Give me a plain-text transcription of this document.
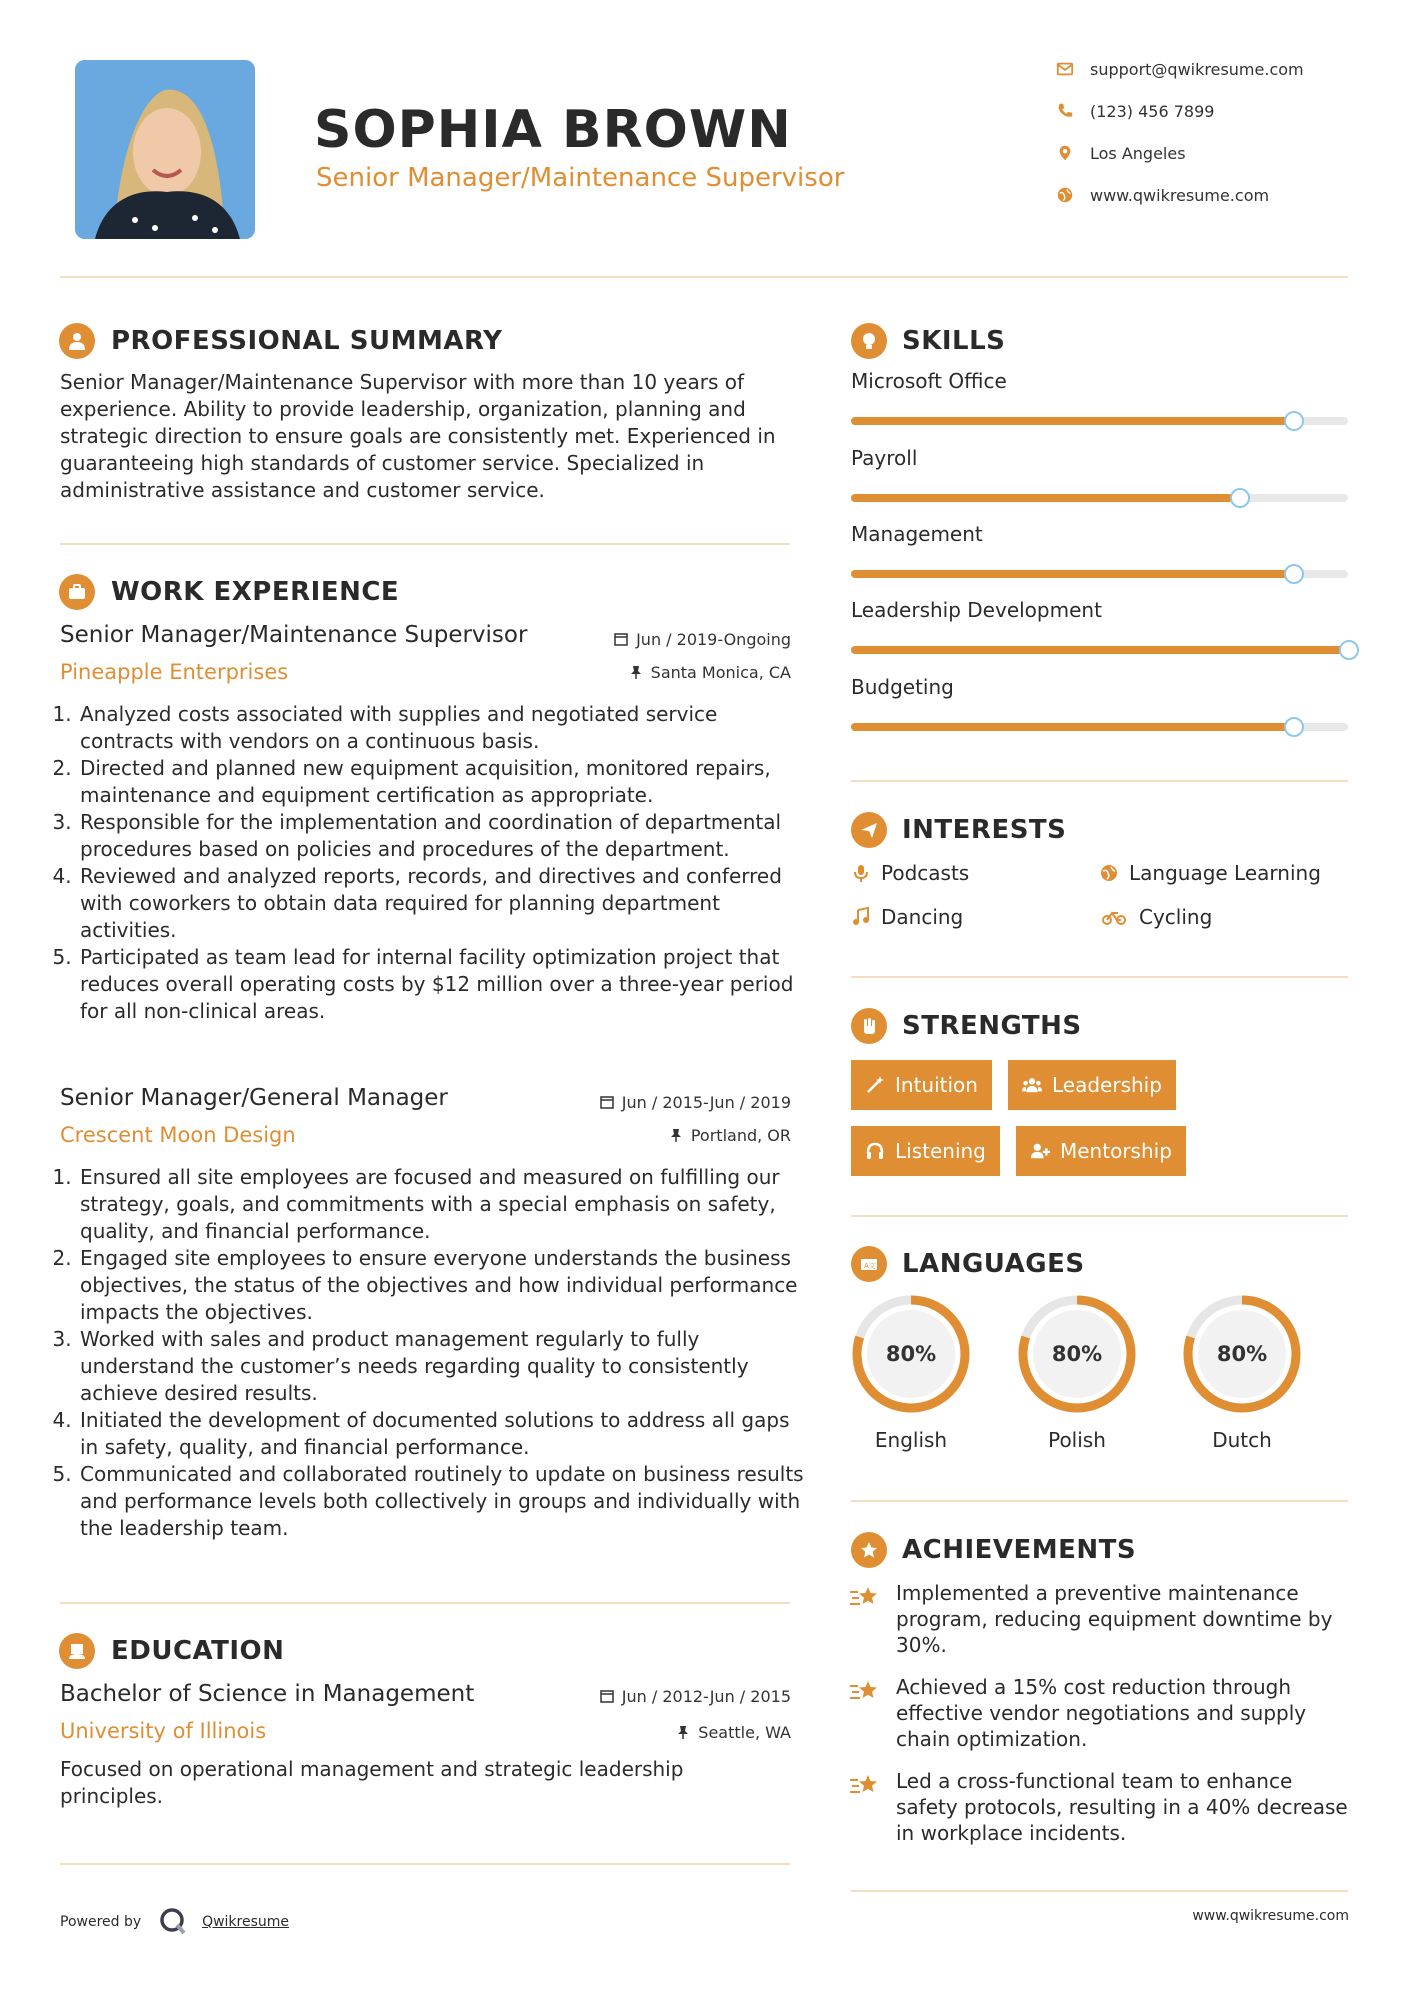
SOPHIA BROWN
Senior Manager/Maintenance Supervisor
support@qwikresume.com
(123) 456 7899
Los Angeles
www.qwikresume.com
PROFESSIONAL SUMMARY
Senior Manager/Maintenance Supervisor with more than 10 years of experience. Ability to provide leadership, organization, planning and strategic direction to ensure goals are consistently met. Experienced in guaranteeing high standards of customer service. Specialized in administrative assistance and customer service.
WORK EXPERIENCE
Senior Manager/Maintenance Supervisor	Jun / 2019-Ongoing
Pineapple Enterprises	Santa Monica, CA
1. Analyzed costs associated with supplies and negotiated service contracts with vendors on a continuous basis.
2. Directed and planned new equipment acquisition, monitored repairs, maintenance and equipment certification as appropriate.
3. Responsible for the implementation and coordination of departmental procedures based on policies and procedures of the department.
4. Reviewed and analyzed reports, records, and directives and conferred with coworkers to obtain data required for planning department activities.
5. Participated as team lead for internal facility optimization project that reduces overall operating costs by $12 million over a three-year period for all non-clinical areas.
Senior Manager/General Manager	Jun / 2015-Jun / 2019
Crescent Moon Design	Portland, OR
1. Ensured all site employees are focused and measured on fulfilling our strategy, goals, and commitments with a special emphasis on safety, quality, and financial performance.
2. Engaged site employees to ensure everyone understands the business objectives, the status of the objectives and how individual performance impacts the objectives.
3. Worked with sales and product management regularly to fully understand the customer’s needs regarding quality to consistently achieve desired results.
4. Initiated the development of documented solutions to address all gaps in safety, quality, and financial performance.
5. Communicated and collaborated routinely to update on business results and performance levels both collectively in groups and individually with the leadership team.
EDUCATION
Bachelor of Science in Management	Jun / 2012-Jun / 2015
University of Illinois	Seattle, WA
Focused on operational management and strategic leadership principles.
SKILLS
Microsoft Office
Payroll
Management
Leadership Development
Budgeting
INTERESTS
Podcasts	Language Learning
Dancing	Cycling
STRENGTHS
Intuition	Leadership
Listening	Mentorship
A文 LANGUAGES
80%
English
80%
Polish
80%
Dutch
ACHIEVEMENTS
Implemented a preventive maintenance program, reducing equipment downtime by 30%.
Achieved a 15% cost reduction through effective vendor negotiations and supply chain optimization.
Led a cross-functional team to enhance safety protocols, resulting in a 40% decrease in workplace incidents.
Powered by	Qwikresume	www.qwikresume.com
